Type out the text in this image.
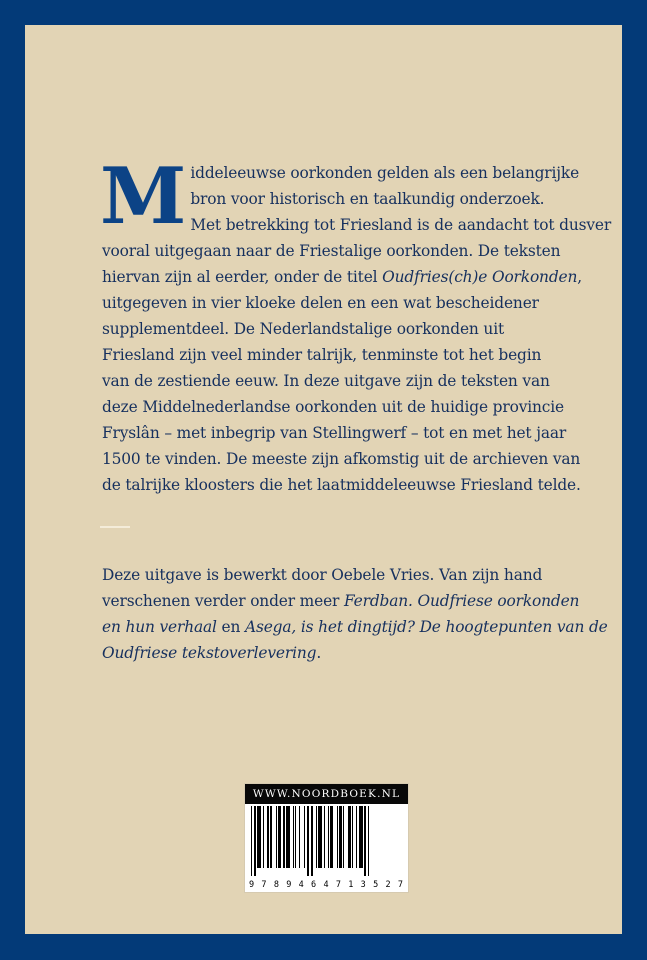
M iddeleeuwse oorkonden gelden als een belangrijke
bron voor historisch en taalkundig onderzoek.
Met betrekking tot Friesland is de aandacht tot dusver
vooral uitgegaan naar de Friestalige oorkonden. De teksten
hiervan zijn al eerder, onder de titel Oudfries(ch)e Oorkonden,
uitgegeven in vier kloeke delen en een wat bescheidener
supplementdeel. De Nederlandstalige oorkonden uit
Friesland zijn veel minder talrijk, tenminste tot het begin
van de zestiende eeuw. In deze uitgave zijn de teksten van
deze Middelnederlandse oorkonden uit de huidige provincie
Fryslân – met inbegrip van Stellingwerf – tot en met het jaar
1500 te vinden. De meeste zijn afkomstig uit de archieven van
de talrijke kloosters die het laatmiddeleeuwse Friesland telde.
Deze uitgave is bewerkt door Oebele Vries. Van zijn hand
verschenen verder onder meer Ferdban. Oudfriese oorkonden
en hun verhaal en Asega, is het dingtijd? De hoogtepunten van de
Oudfriese tekstoverlevering.
WWW.NOORDBOEK.NL
9 7 8 9 4 6 4 7 1 3 5 2 7
